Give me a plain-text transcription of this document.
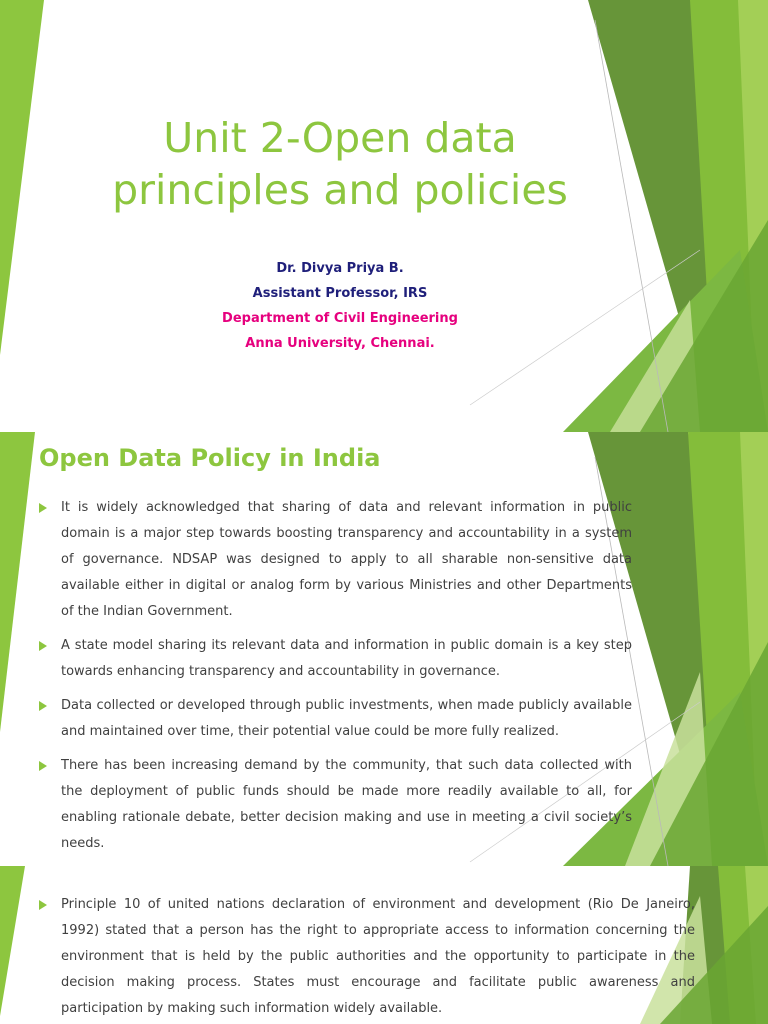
Unit 2-Open data
principles and policies
Dr. Divya Priya B.
Assistant Professor, IRS
Department of Civil Engineering
Anna University, Chennai.
Open Data Policy in India
It is widely acknowledged that sharing of data and relevant information in public domain is a major step towards boosting transparency and accountability in a system of governance. NDSAP was designed to apply to all sharable non-sensitive data available either in digital or analog form by various Ministries and other Departments of the Indian Government.
A state model sharing its relevant data and information in public domain is a key step towards enhancing transparency and accountability in governance.
Data collected or developed through public investments, when made publicly available and maintained over time, their potential value could be more fully realized.
There has been increasing demand by the community, that such data collected with the deployment of public funds should be made more readily available to all, for enabling rationale debate, better decision making and use in meeting a civil society’s needs.
Principle 10 of united nations declaration of environment and development (Rio De Janeiro, 1992) stated that a person has the right to appropriate access to information concerning the environment that is held by the public authorities and the opportunity to participate in the decision making process. States must encourage and facilitate public awareness and participation by making such information widely available.
